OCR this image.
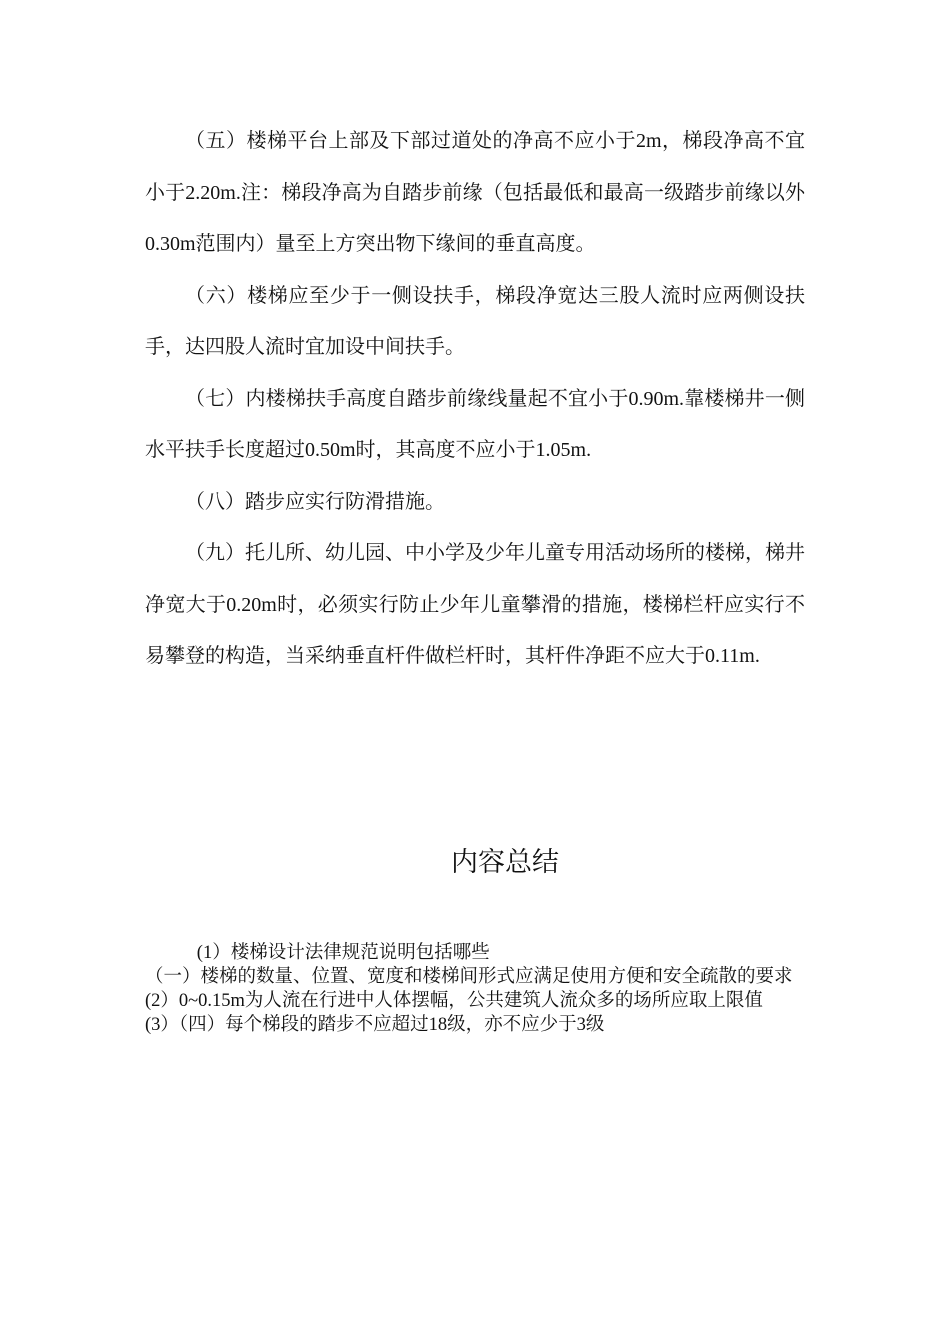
（五）楼梯平台上部及下部过道处的净高不应小于2m，梯段净高不宜小于2.20m.注：梯段净高为自踏步前缘（包括最低和最高一级踏步前缘以外0.30m范围内）量至上方突出物下缘间的垂直高度。

（六）楼梯应至少于一侧设扶手，梯段净宽达三股人流时应两侧设扶手，达四股人流时宜加设中间扶手。

（七）内楼梯扶手高度自踏步前缘线量起不宜小于0.90m.靠楼梯井一侧水平扶手长度超过0.50m时，其高度不应小于1.05m.

（八）踏步应实行防滑措施。

（九）托儿所、幼儿园、中小学及少年儿童专用活动场所的楼梯，梯井净宽大于0.20m时，必须实行防止少年儿童攀滑的措施，楼梯栏杆应实行不易攀登的构造，当采纳垂直杆件做栏杆时，其杆件净距不应大于0.11m.

内容总结

(1）楼梯设计法律规范说明包括哪些

（一）楼梯的数量、位置、宽度和楼梯间形式应满足使用方便和安全疏散的要求

(2）0~0.15m为人流在行进中人体摆幅，公共建筑人流众多的场所应取上限值

(3）（四）每个梯段的踏步不应超过18级，亦不应少于3级
